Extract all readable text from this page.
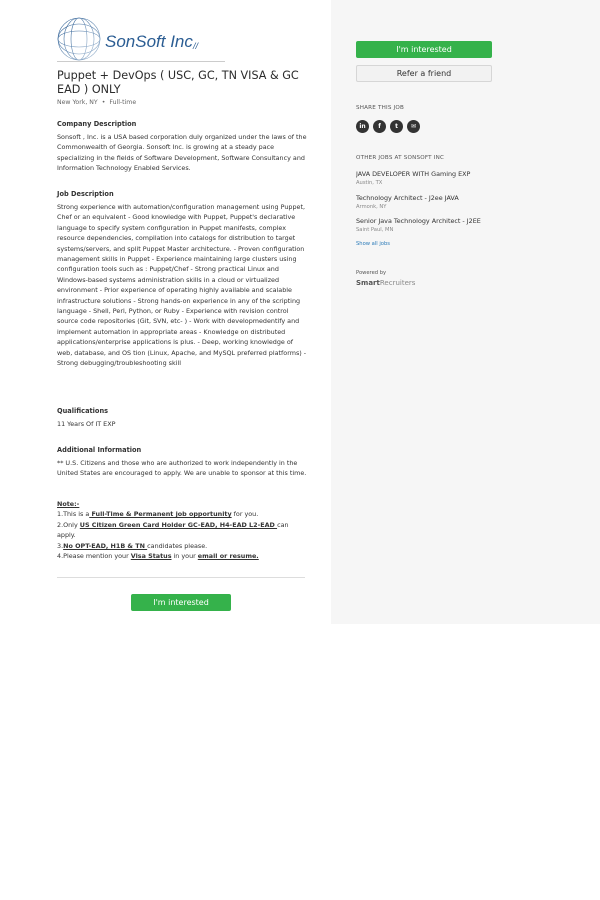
SonSoft Inc //
Puppet + DevOps ( USC, GC, TN VISA & GC EAD ) ONLY
New York, NY • Full-time
Company Description
Sonsoft , Inc. is a USA based corporation duly organized under the laws of the Commonwealth of Georgia. Sonsoft Inc. is growing at a steady pace specializing in the fields of Software Development, Software Consultancy and Information Technology Enabled Services.
Job Description
Strong experience with automation/configuration management using Puppet, Chef or an equivalent - Good knowledge with Puppet, Puppet's declarative language to specify system configuration in Puppet manifests, complex resource dependencies, compilation into catalogs for distribution to target systems/servers, and split Puppet Master architecture. - Proven configuration management skills in Puppet - Experience maintaining large clusters using configuration tools such as : Puppet/Chef - Strong practical Linux and Windows-based systems administration skills in a cloud or virtualized environment - Prior experience of operating highly available and scalable infrastructure solutions - Strong hands-on experience in any of the scripting language - Shell, Perl, Python, or Ruby - Experience with revision control source code repositories (Git, SVN, etc- ) - Work with developmedentify and implement automation in appropriate areas - Knowledge on distributed applications/enterprise applications is plus. - Deep, working knowledge of web, database, and OS tion (Linux, Apache, and MySQL preferred platforms) - Strong debugging/troubleshooting skill
Qualifications
11 Years Of IT EXP
Additional Information
** U.S. Citizens and those who are authorized to work independently in the United States are encouraged to apply. We are unable to sponsor at this time.
Note:-
1.This is a Full-Time & Permanent job opportunity for you.
2.Only US Citizen Green Card Holder GC-EAD, H4-EAD L2-EAD can apply.
3.No OPT-EAD, H1B & TN candidates please.
4.Please mention your Visa Status in your email or resume.
I'm interested
I'm interested
Refer a friend
SHARE THIS JOB
in	f	t	✉
OTHER JOBS AT SONSOFT INC
JAVA DEVELOPER WITH Gaming EXP
Austin, TX
Technology Architect - J2ee JAVA
Armonk, NY
Senior Java Technology Architect - J2EE
Saint Paul, MN
Show all jobs
Powered by
SmartRecruiters
